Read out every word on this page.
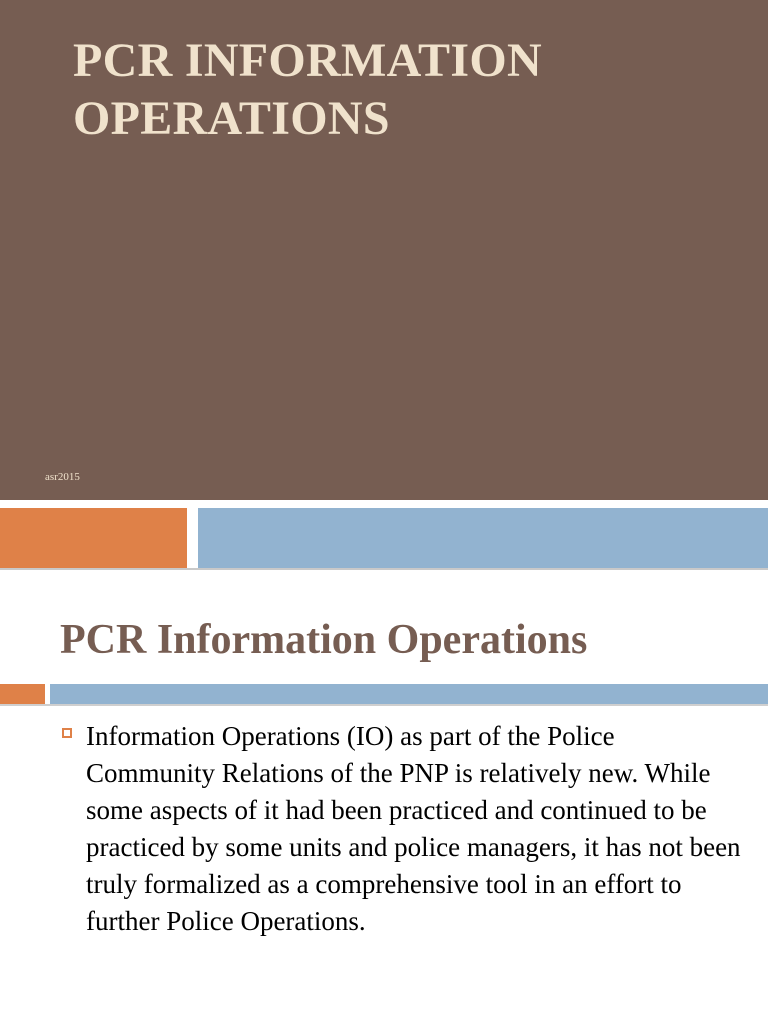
PCR INFORMATION
OPERATIONS
asr2015
PCR Information Operations
Information Operations (IO) as part of the Police Community Relations of the PNP is relatively new. While some aspects of it had been practiced and continued to be practiced by some units and police managers, it has not been truly formalized as a comprehensive tool in an effort to further Police Operations.
